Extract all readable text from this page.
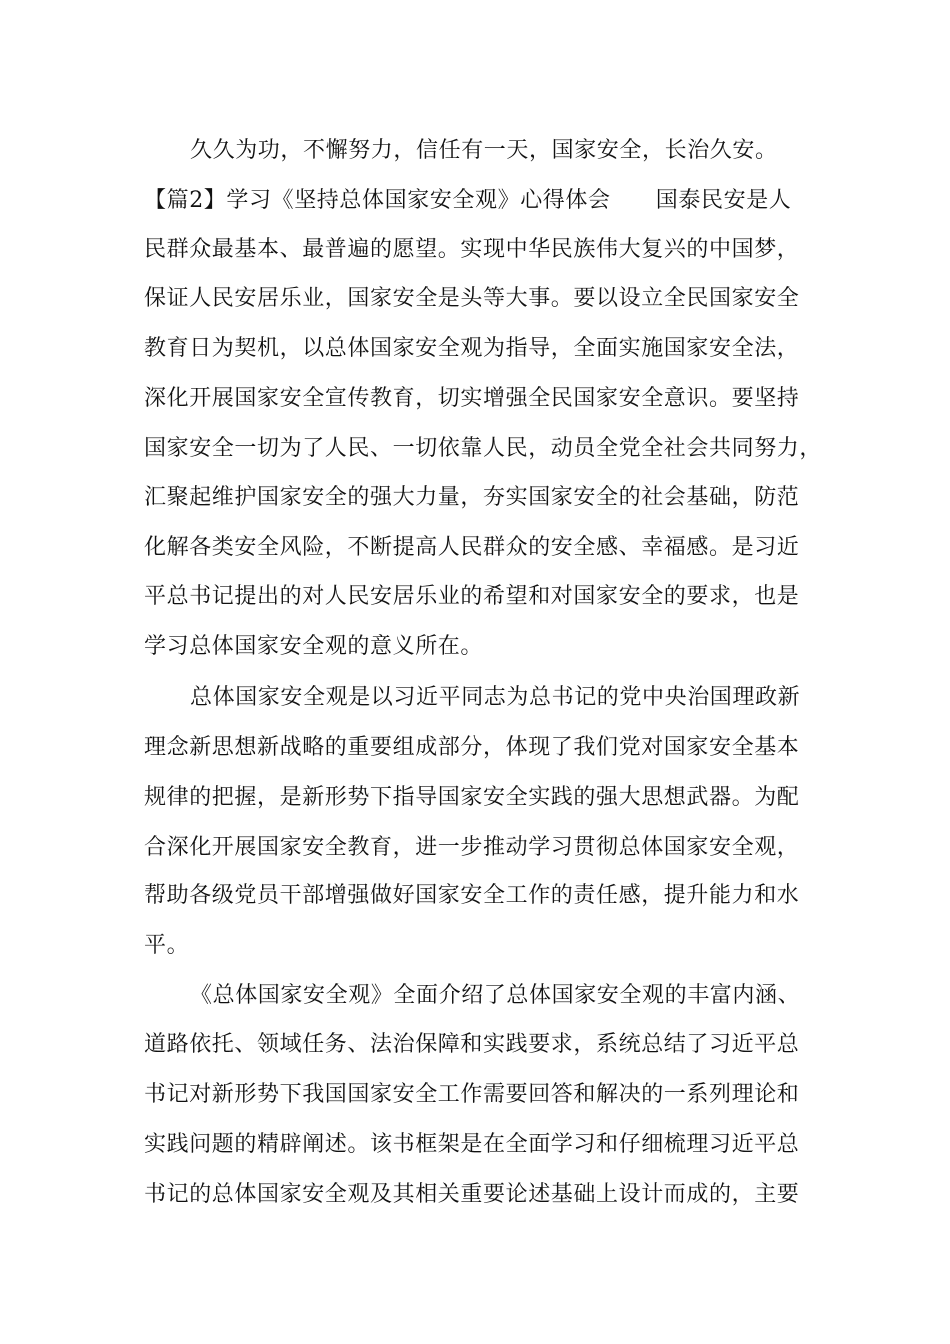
久久为功，不懈努力，信任有一天，国家安全，长治久安。
【篇2】学习《坚持总体国家安全观》心得体会　　国泰民安是人
民群众最基本、最普遍的愿望。实现中华民族伟大复兴的中国梦，
保证人民安居乐业，国家安全是头等大事。要以设立全民国家安全
教育日为契机，以总体国家安全观为指导，全面实施国家安全法，
深化开展国家安全宣传教育，切实增强全民国家安全意识。要坚持
国家安全一切为了人民、一切依靠人民，动员全党全社会共同努力，
汇聚起维护国家安全的强大力量，夯实国家安全的社会基础，防范
化解各类安全风险，不断提高人民群众的安全感、幸福感。是习近
平总书记提出的对人民安居乐业的希望和对国家安全的要求，也是
学习总体国家安全观的意义所在。
总体国家安全观是以习近平同志为总书记的党中央治国理政新
理念新思想新战略的重要组成部分，体现了我们党对国家安全基本
规律的把握，是新形势下指导国家安全实践的强大思想武器。为配
合深化开展国家安全教育，进一步推动学习贯彻总体国家安全观，
帮助各级党员干部增强做好国家安全工作的责任感，提升能力和水
平。
《总体国家安全观》全面介绍了总体国家安全观的丰富内涵、
道路依托、领域任务、法治保障和实践要求，系统总结了习近平总
书记对新形势下我国国家安全工作需要回答和解决的一系列理论和
实践问题的精辟阐述。该书框架是在全面学习和仔细梳理习近平总
书记的总体国家安全观及其相关重要论述基础上设计而成的，主要
